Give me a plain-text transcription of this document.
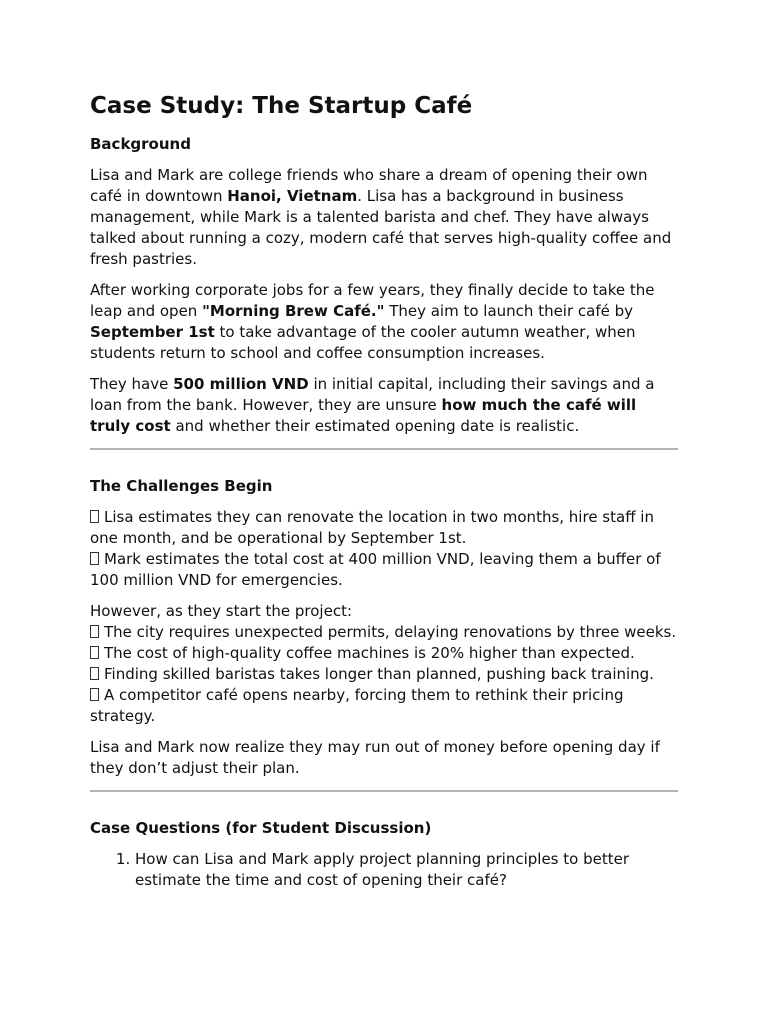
Case Study: The Startup Café
Background

Lisa and Mark are college friends who share a dream of opening their own café in downtown Hanoi, Vietnam. Lisa has a background in business management, while Mark is a talented barista and chef. They have always talked about running a cozy, modern café that serves high-quality coffee and fresh pastries.

After working corporate jobs for a few years, they finally decide to take the leap and open "Morning Brew Café." They aim to launch their café by September 1st to take advantage of the cooler autumn weather, when students return to school and coffee consumption increases.

They have 500 million VND in initial capital, including their savings and a loan from the bank. However, they are unsure how much the café will truly cost and whether their estimated opening date is realistic.

The Challenges Begin

Lisa estimates they can renovate the location in two months, hire staff in one month, and be operational by September 1st.
Mark estimates the total cost at 400 million VND, leaving them a buffer of 100 million VND for emergencies.

However, as they start the project:
The city requires unexpected permits, delaying renovations by three weeks.
The cost of high-quality coffee machines is 20% higher than expected.
Finding skilled baristas takes longer than planned, pushing back training.
A competitor café opens nearby, forcing them to rethink their pricing strategy.

Lisa and Mark now realize they may run out of money before opening day if they don’t adjust their plan.

Case Questions (for Student Discussion)
1. How can Lisa and Mark apply project planning principles to better estimate the time and cost of opening their café?
